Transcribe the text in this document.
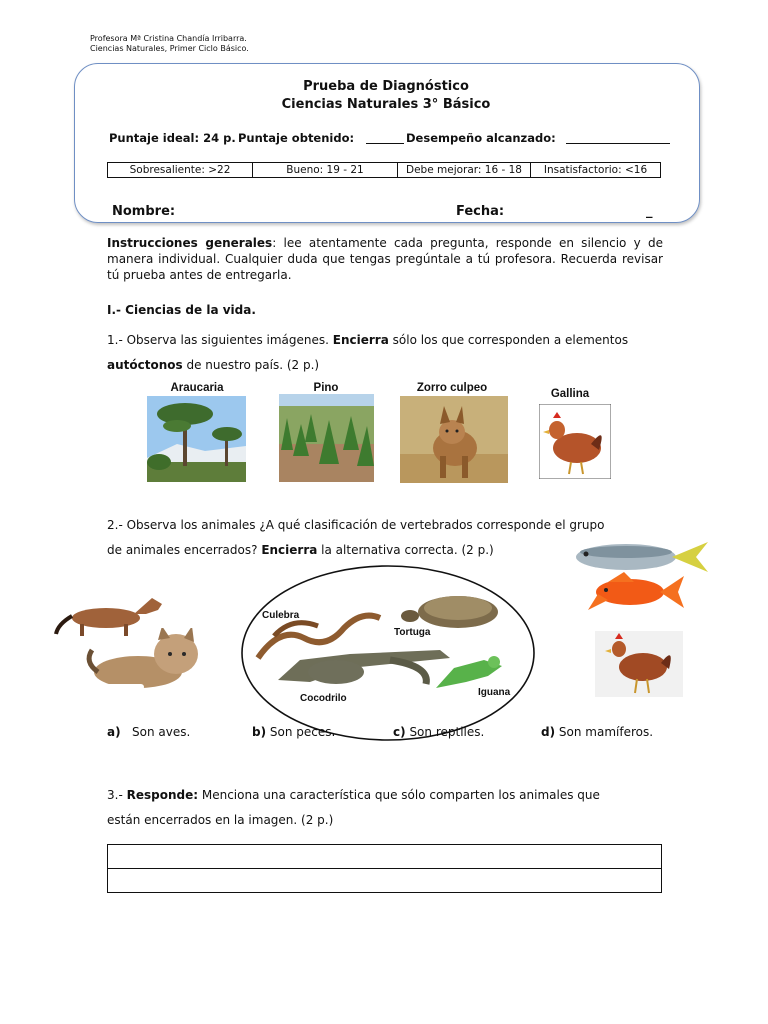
Profesora Mª Cristina Chandía Irribarra.
Ciencias Naturales, Primer Ciclo Básico.
Prueba de Diagnóstico
Ciencias Naturales 3° Básico
Puntaje ideal: 24 p. Puntaje obtenido:	Desempeño alcanzado:
Sobresaliente: >22	Bueno: 19 - 21	Debe mejorar: 16 - 18	Insatisfactorio: <16
Nombre:	Fecha:	_
Instrucciones generales: lee atentamente cada pregunta, responde en silencio y de manera individual. Cualquier duda que tengas pregúntale a tú profesora. Recuerda revisar tú prueba antes de entregarla.
I.- Ciencias de la vida.
1.- Observa las siguientes imágenes. Encierra sólo los que corresponden a elementos
autóctonos de nuestro país. (2 p.)
Araucaria	Pino	Zorro culpeo	Gallina
2.- Observa los animales ¿A qué clasificación de vertebrados corresponde el grupo
de animales encerrados? Encierra la alternativa correcta. (2 p.)
Culebra
Tortuga
Cocodrilo
Iguana
a) Son aves.	b) Son peces.	c) Son reptiles.	d) Son mamíferos.
3.- Responde: Menciona una característica que sólo comparten los animales que
están encerrados en la imagen. (2 p.)
